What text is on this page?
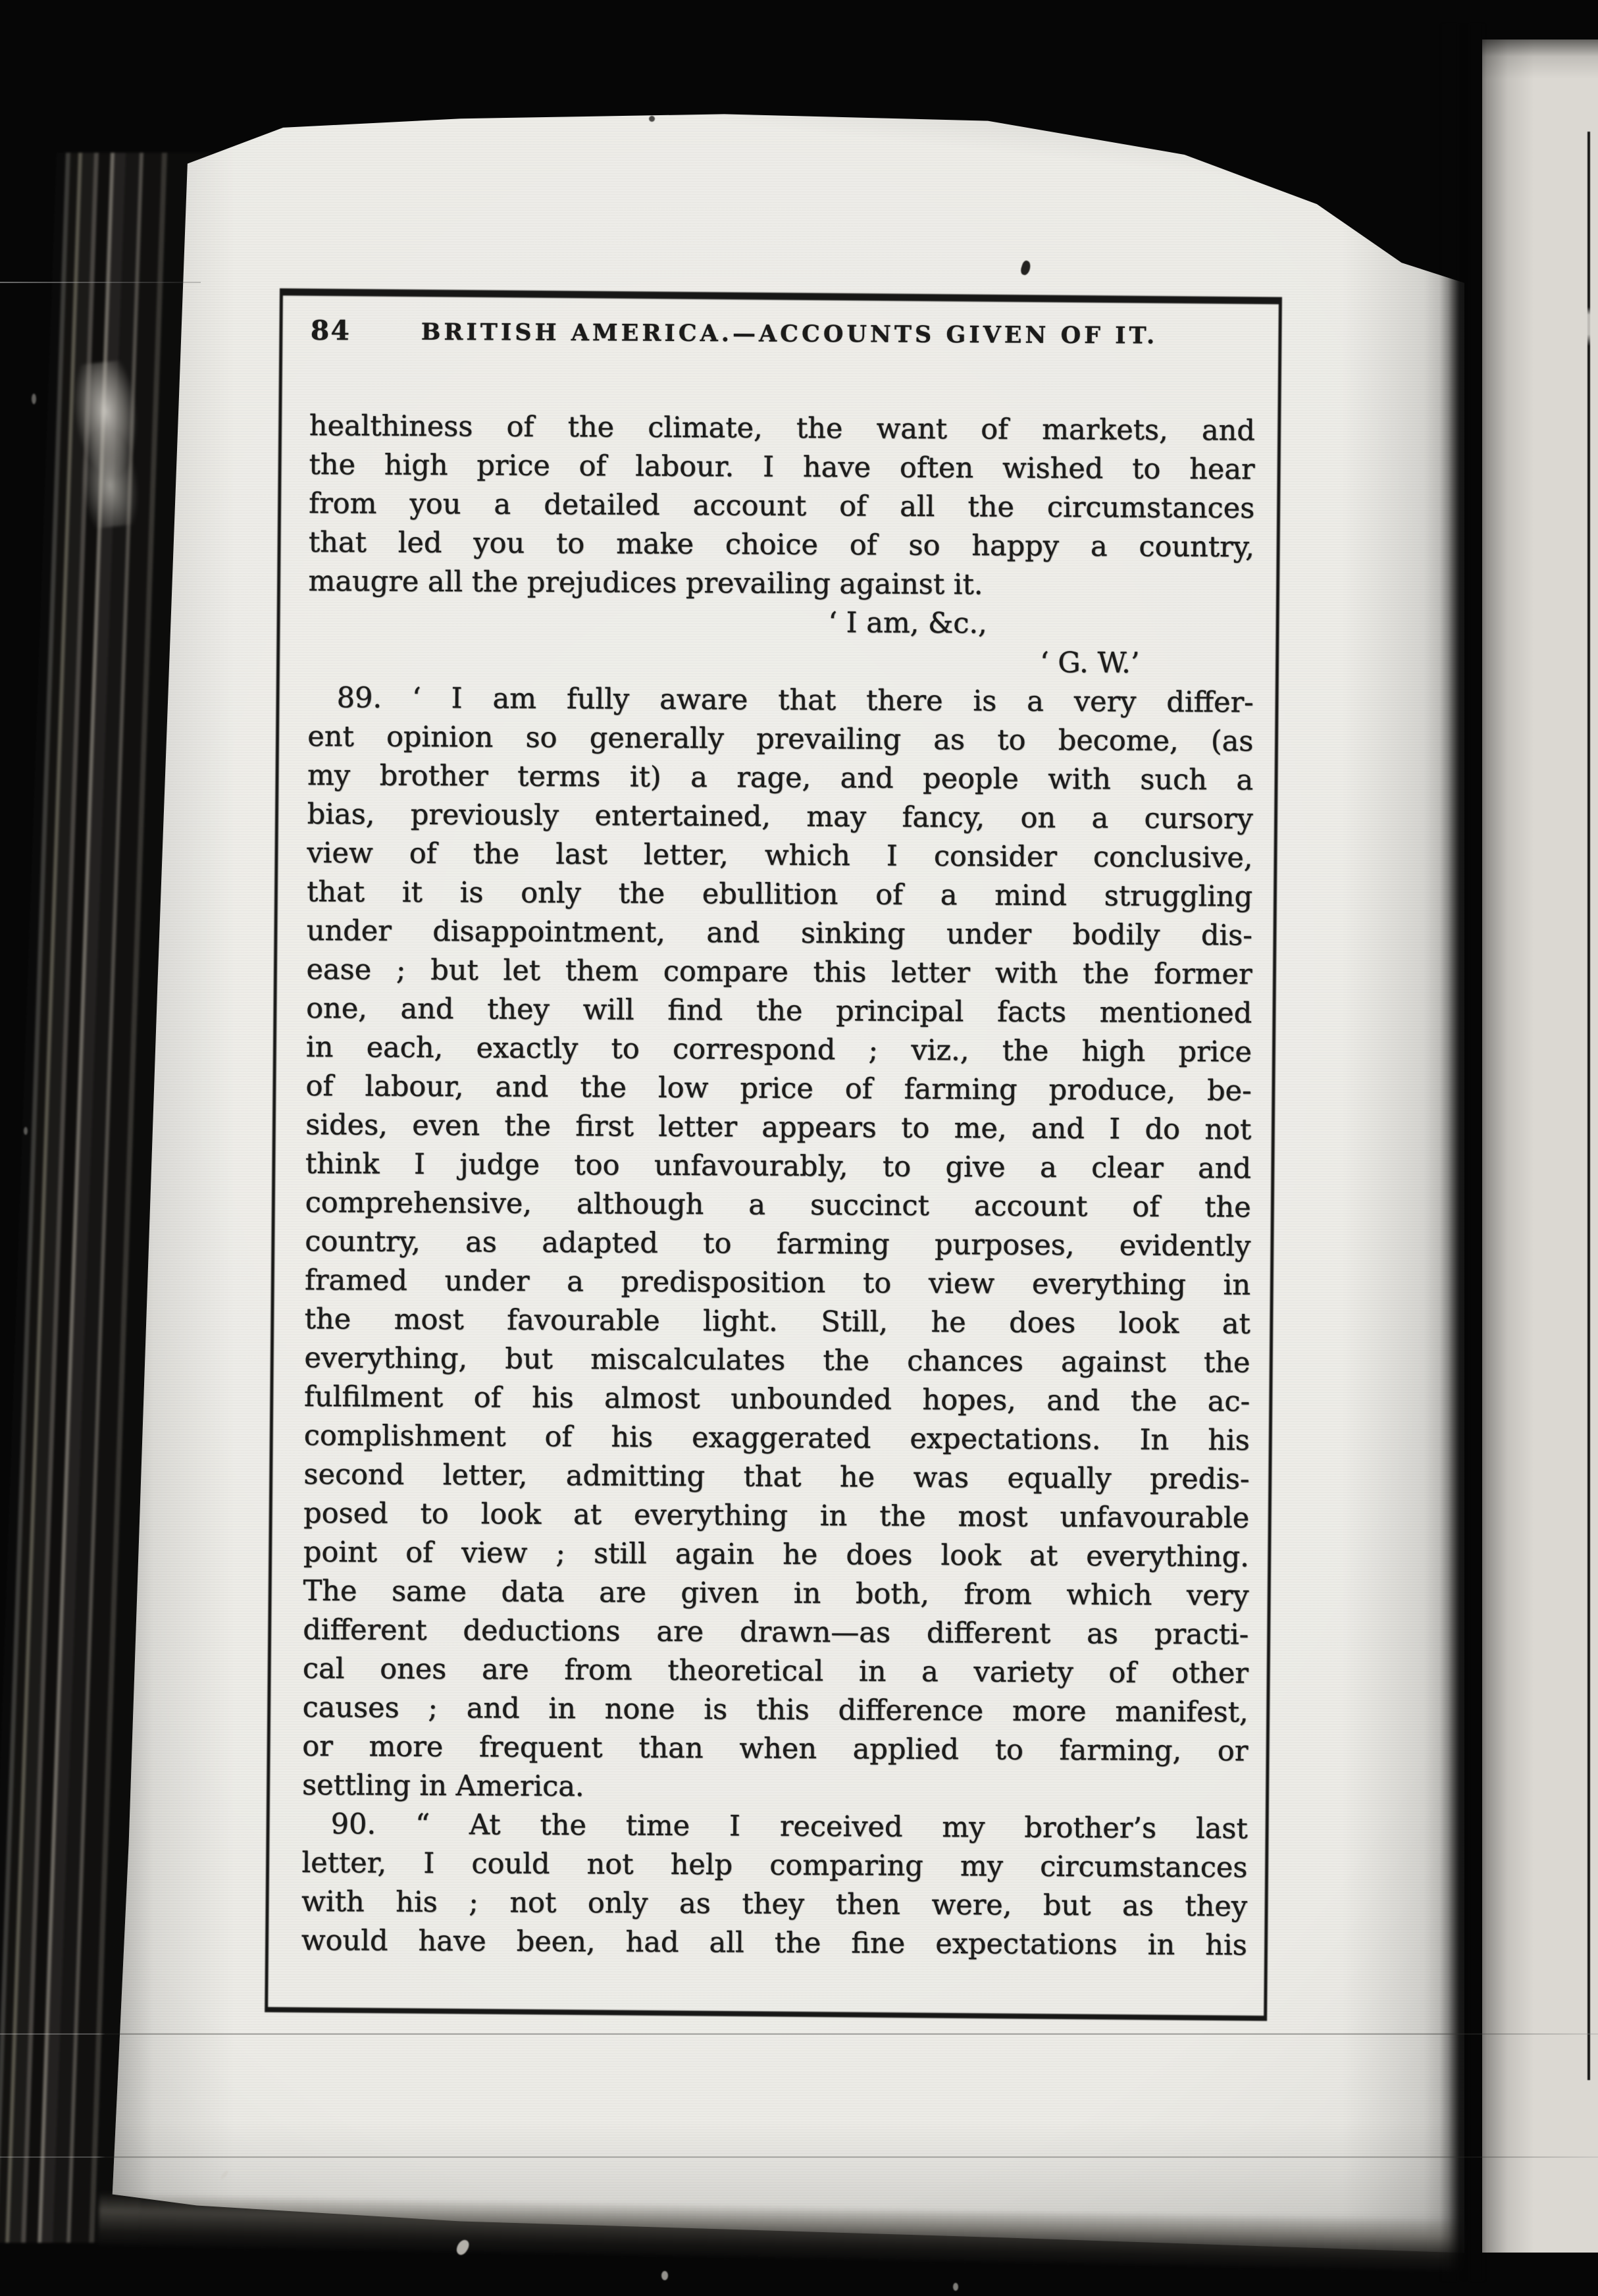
84	BRITISH AMERICA.—ACCOUNTS GIVEN OF IT.
healthiness of the climate, the want of markets, and
the high price of labour. I have often wished to hear
from you a detailed account of all the circumstances
that led you to make choice of so happy a country,
maugre all the prejudices prevailing against it.
‘ I am, &c.,
‘ G. W.’
89. ‘ I am fully aware that there is a very differ-
ent opinion so generally prevailing as to become, (as
my brother terms it) a rage, and people with such a
bias, previously entertained, may fancy, on a cursory
view of the last letter, which I consider conclusive,
that it is only the ebullition of a mind struggling
under disappointment, and sinking under bodily dis-
ease ; but let them compare this letter with the former
one, and they will find the principal facts mentioned
in each, exactly to correspond ; viz., the high price
of labour, and the low price of farming produce, be-
sides, even the first letter appears to me, and I do not
think I judge too unfavourably, to give a clear and
comprehensive, although a succinct account of the
country, as adapted to farming purposes, evidently
framed under a predisposition to view everything in
the most favourable light. Still, he does look at
everything, but miscalculates the chances against the
fulfilment of his almost unbounded hopes, and the ac-
complishment of his exaggerated expectations. In his
second letter, admitting that he was equally predis-
posed to look at everything in the most unfavourable
point of view ; still again he does look at everything.
The same data are given in both, from which very
different deductions are drawn—as different as practi-
cal ones are from theoretical in a variety of other
causes ; and in none is this difference more manifest,
or more frequent than when applied to farming, or
settling in America.
90. “ At the time I received my brother’s last
letter, I could not help comparing my circumstances
with his ; not only as they then were, but as they
would have been, had all the fine expectations in his
